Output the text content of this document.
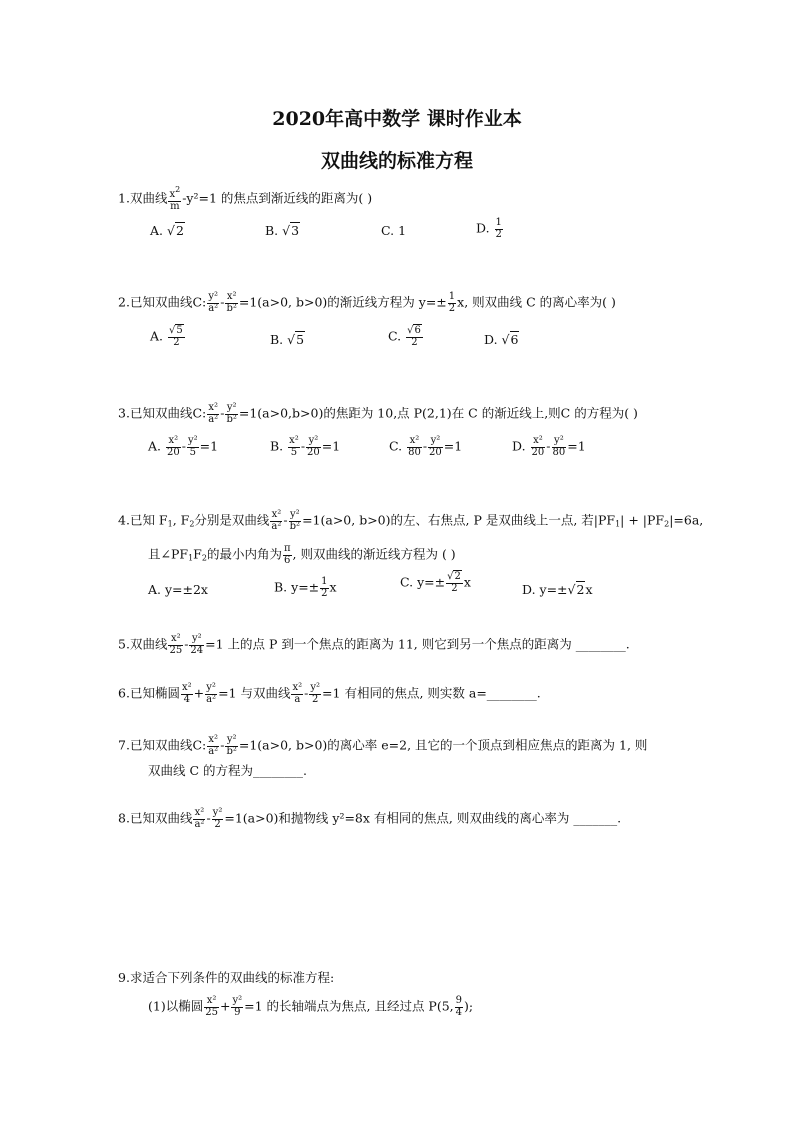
2020年高中数学 课时作业本
双曲线的标准方程
1.双曲线 $\frac{x^2}{m} -y^2=1$ 的焦点到渐近线的距离为( )
A. √2	B. √3	C. 1	D. $\frac{1}{2}$
2.已知双曲线C: $\frac{\text{y²}}{\text{a²}} - \frac{\text{x²}}{\text{b²}} =1(a>0$, b>0)的渐近线方程为 $y=\pm \frac{1}{2} x$, 则双曲线 C 的离心率为( )
A. $\frac{√5}{2}$	B. √5	C. $\frac{√6}{2}$	D. √6
3.已知双曲线C: $\frac{\text{x²}}{\text{a²}} - \frac{\text{y²}}{\text{b²}} =1(a>0,b>0)$的焦距为 10,点 P(2,1)在 C 的渐近线上,则C 的方程为( )
A. $\frac{\text{x²}}{20} - \frac{\text{y²}}{5} =1$	B. $\frac{\text{x²}}{5} - \frac{\text{y²}}{20} =1$	C. $\frac{\text{x²}}{80} - \frac{\text{y²}}{20} =1$	D. $\frac{\text{x²}}{20} - \frac{\text{y²}}{80} =1$
4.已知 $F_1$, $F_2$分别是双曲线 $\frac{\text{x²}}{\text{a²}} - \frac{\text{y²}}{\text{b²}} =1(a>0$, b>0)的左、右焦点, P 是双曲线上一点, 若$|PF_1| + |PF_2|=6a$,
且$\angle PF_1F_2$的最小内角为 $\frac{\pi}{6}$ , 则双曲线的渐近线方程为 ( )
A. y=±2x	B. $y=\pm \frac{1}{2}$ x	C. $y=\pm \frac{√2}{2}$ x	D. y=±√2x
5.双曲线 $\frac{\text{x²}}{25} - \frac{\text{y²}}{24} =1$ 上的点 P 到一个焦点的距离为 11, 则它到另一个焦点的距离为 ________.
6.已知椭圆 $\frac{\text{x²}}{4} + \frac{\text{y²}}{\text{a²}} =1$ 与双曲线 $\frac{\text{x²}}{a} - \frac{\text{y²}}{2} =1$ 有相同的焦点, 则实数 a=________.
7.已知双曲线C: $\frac{\text{x²}}{\text{a²}} - \frac{\text{y²}}{\text{b²}} =1(a>0$, b>0)的离心率 e=2, 且它的一个顶点到相应焦点的距离为 1, 则
双曲线 C 的方程为________.
8.已知双曲线 $\frac{\text{x²}}{\text{a²}} - \frac{\text{y²}}{2} =1(a>0)$和抛物线 y²=8x 有相同的焦点, 则双曲线的离心率为 _______.
9.求适合下列条件的双曲线的标准方程:
(1)以椭圆 $\frac{\text{x²}}{25} + \frac{\text{y²}}{9} =1$ 的长轴端点为焦点, 且经过点 P(5, $\frac{9}{4}$ );
